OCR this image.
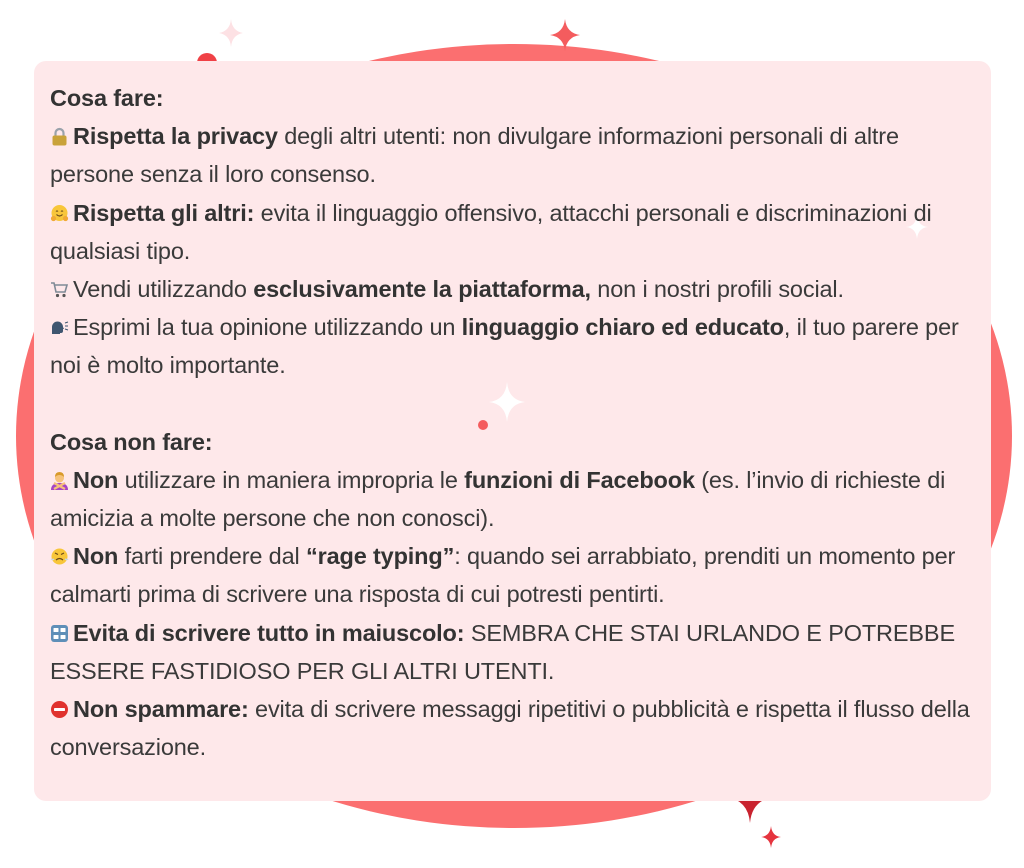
Cosa fare:

Rispetta la privacy degli altri utenti: non divulgare informazioni personali di altre persone senza il loro consenso.

Rispetta gli altri: evita il linguaggio offensivo, attacchi personali e discriminazioni di qualsiasi tipo.

Vendi utilizzando esclusivamente la piattaforma, non i nostri profili social.

Esprimi la tua opinione utilizzando un linguaggio chiaro ed educato, il tuo parere per noi è molto importante.

Cosa non fare:

Non utilizzare in maniera impropria le funzioni di Facebook (es. l’invio di richieste di amicizia a molte persone che non conosci).

Non farti prendere dal “rage typing”: quando sei arrabbiato, prenditi un momento per calmarti prima di scrivere una risposta di cui potresti pentirti.

Evita di scrivere tutto in maiuscolo: SEMBRA CHE STAI URLANDO E POTREBBE ESSERE FASTIDIOSO PER GLI ALTRI UTENTI.

Non spammare: evita di scrivere messaggi ripetitivi o pubblicità e rispetta il flusso della conversazione.
